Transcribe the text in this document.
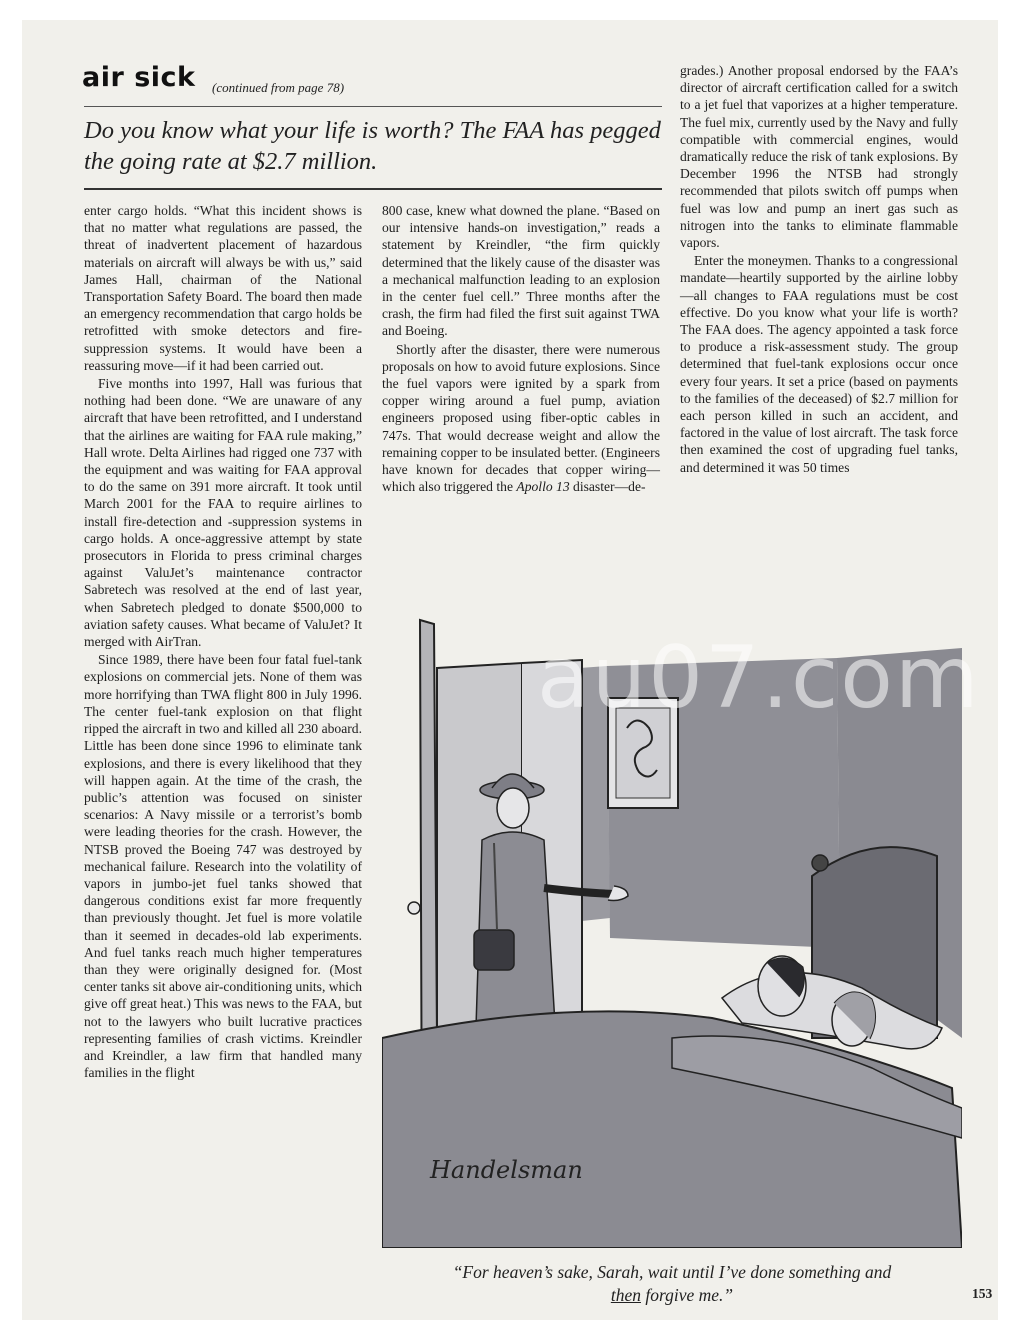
air sick (continued from page 78)
Do you know what your life is worth? The FAA has pegged the going rate at $2.7 million.

enter cargo holds. “What this incident shows is that no matter what regulations are passed, the threat of inadvertent placement of hazardous materials on aircraft will always be with us,” said James Hall, chairman of the National Transportation Safety Board. The board then made an emergency recommendation that cargo holds be retrofitted with smoke detectors and fire-suppression systems. It would have been a reassuring move—if it had been carried out.

Five months into 1997, Hall was furious that nothing had been done. “We are unaware of any aircraft that have been retrofitted, and I understand that the airlines are waiting for FAA rule making,” Hall wrote. Delta Airlines had rigged one 737 with the equipment and was waiting for FAA approval to do the same on 391 more aircraft. It took until March 2001 for the FAA to require airlines to install fire-detection and -suppression systems in cargo holds. A once-aggressive attempt by state prosecutors in Florida to press criminal charges against ValuJet’s maintenance contractor Sabretech was resolved at the end of last year, when Sabretech pledged to donate $500,000 to aviation safety causes. What became of ValuJet? It merged with AirTran.

Since 1989, there have been four fatal fuel-tank explosions on commercial jets. None of them was more horrifying than TWA flight 800 in July 1996. The center fuel-tank explosion on that flight ripped the aircraft in two and killed all 230 aboard. Little has been done since 1996 to eliminate tank explosions, and there is every likelihood that they will happen again. At the time of the crash, the public’s attention was focused on sinister scenarios: A Navy missile or a terrorist’s bomb were leading theories for the crash. However, the NTSB proved the Boeing 747 was destroyed by mechanical failure. Research into the volatility of vapors in jumbo-jet fuel tanks showed that dangerous conditions exist far more frequently than previously thought. Jet fuel is more volatile than it seemed in decades-old lab experiments. And fuel tanks reach much higher temperatures than they were originally designed for. (Most center tanks sit above air-conditioning units, which give off great heat.) This was news to the FAA, but not to the lawyers who built lucrative practices representing families of crash victims. Kreindler and Kreindler, a law firm that handled many families in the flight

800 case, knew what downed the plane. “Based on our intensive hands-on investigation,” reads a statement by Kreindler, “the firm quickly determined that the likely cause of the disaster was a mechanical malfunction leading to an explosion in the center fuel cell.” Three months after the crash, the firm had filed the first suit against TWA and Boeing.

Shortly after the disaster, there were numerous proposals on how to avoid future explosions. Since the fuel vapors were ignited by a spark from copper wiring around a fuel pump, aviation engineers proposed using fiber-optic cables in 747s. That would decrease weight and allow the remaining copper to be insulated better. (Engineers have known for decades that copper wiring—which also triggered the Apollo 13 disaster—de-

grades.) Another proposal endorsed by the FAA’s director of aircraft certification called for a switch to a jet fuel that vaporizes at a higher temperature. The fuel mix, currently used by the Navy and fully compatible with commercial engines, would dramatically reduce the risk of tank explosions. By December 1996 the NTSB had strongly recommended that pilots switch off pumps when fuel was low and pump an inert gas such as nitrogen into the tanks to eliminate flammable vapors.

Enter the moneymen. Thanks to a congressional mandate—heartily supported by the airline lobby—all changes to FAA regulations must be cost effective. Do you know what your life is worth? The FAA does. The agency appointed a task force to produce a risk-assessment study. The group determined that fuel-tank explosions occur once every four years. It set a price (based on payments to the families of the deceased) of $2.7 million for each person killed in such an accident, and factored in the value of lost aircraft. The task force then examined the cost of upgrading fuel tanks, and determined it was 50 times

Handelsman
au07.com
“For heaven’s sake, Sarah, wait until I’ve done something and
then forgive me.”	153
